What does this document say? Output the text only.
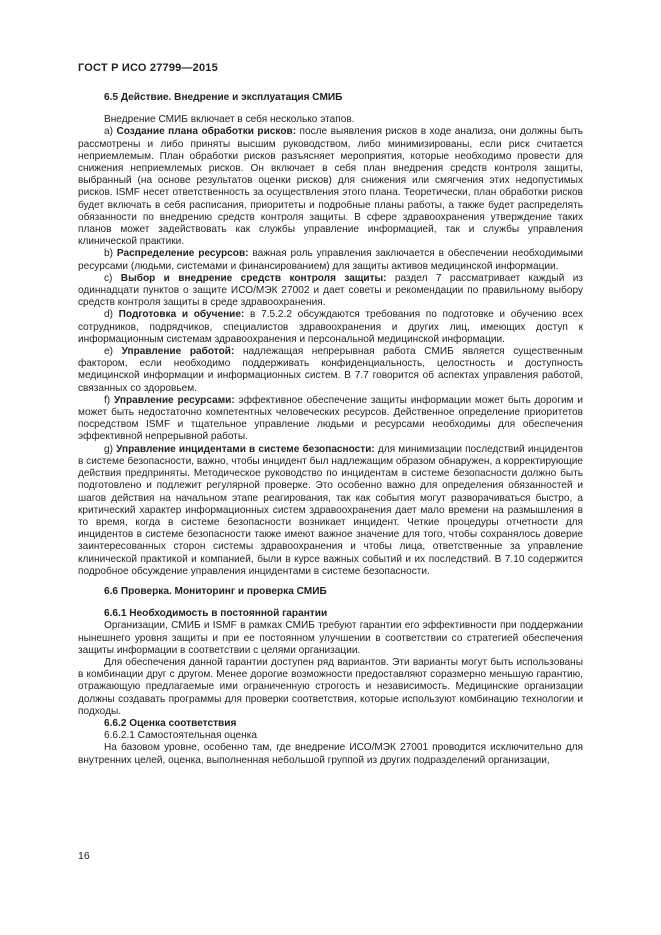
ГОСТ Р ИСО 27799—2015
6.5 Действие. Внедрение и эксплуатация СМИБ

Внедрение СМИБ включает в себя несколько этапов.

a) Создание плана обработки рисков: после выявления рисков в ходе анализа, они должны быть рассмотрены и либо приняты высшим руководством, либо минимизированы, если риск считается неприемлемым. План обработки рисков разъясняет мероприятия, которые необходимо провести для снижения неприемлемых рисков. Он включает в себя план внедрения средств контроля защиты, выбранный (на основе результатов оценки рисков) для снижения или смягчения этих недопустимых рисков. ISMF несет ответственность за осуществления этого плана. Теоретически, план обработки рисков будет включать в себя расписания, приоритеты и подробные планы работы, а также будет распределять обязанности по внедрению средств контроля защиты. В сфере здравоохранения утверждение таких планов может задействовать как службы управление информацией, так и службы управления клинической практики.

b) Распределение ресурсов: важная роль управления заключается в обеспечении необходимыми ресурсами (людьми, системами и финансированием) для защиты активов медицинской информации.

c) Выбор и внедрение средств контроля защиты: раздел 7 рассматривает каждый из одиннадцати пунктов о защите ИСО/МЭК 27002 и дает советы и рекомендации по правильному выбору средств контроля защиты в среде здравоохранения.

d) Подготовка и обучение: в 7.5.2.2 обсуждаются требования по подготовке и обучению всех сотрудников, подрядчиков, специалистов здравоохранения и других лиц, имеющих доступ к информационным системам здравоохранения и персональной медицинской информации.

e) Управление работой: надлежащая непрерывная работа СМИБ является существенным фактором, если необходимо поддерживать конфиденциальность, целостность и доступность медицинской информации и информационных систем. В 7.7 говорится об аспектах управления работой, связанных со здоровьем.

f) Управление ресурсами: эффективное обеспечение защиты информации может быть дорогим и может быть недостаточно компетентных человеческих ресурсов. Действенное определение приоритетов посредством ISMF и тщательное управление людьми и ресурсами необходимы для обеспечения эффективной непрерывной работы.

g) Управление инцидентами в системе безопасности: для минимизации последствий инцидентов в системе безопасности, важно, чтобы инцидент был надлежащим образом обнаружен, а корректирующие действия предприняты. Методическое руководство по инцидентам в системе безопасности должно быть подготовлено и подлежит регулярной проверке. Это особенно важно для определения обязанностей и шагов действия на начальном этапе реагирования, так как события могут разворачиваться быстро, а критический характер информационных систем здравоохранения дает мало времени на размышления в то время, когда в системе безопасности возникает инцидент. Четкие процедуры отчетности для инцидентов в системе безопасности также имеют важное значение для того, чтобы сохранялось доверие заинтересованных сторон системы здравоохранения и чтобы лица, ответственные за управление клинической практикой и компанией, были в курсе важных событий и их последствий. В 7.10 содержится подробное обсуждение управления инцидентами в системе безопасности.

6.6 Проверка. Мониторинг и проверка СМИБ
6.6.1 Необходимость в постоянной гарантии

Организации, СМИБ и ISMF в рамках СМИБ требуют гарантии его эффективности при поддержании нынешнего уровня защиты и при ее постоянном улучшении в соответствии со стратегией обеспечения защиты информации в соответствии с целями организации.

Для обеспечения данной гарантии доступен ряд вариантов. Эти варианты могут быть использованы в комбинации друг с другом. Менее дорогие возможности предоставляют соразмерно меньшую гарантию, отражающую предлагаемые ими ограниченную строгость и независимость. Медицинские организации должны создавать программы для проверки соответствия, которые используют комбинацию технологии и подходы.

6.6.2 Оценка соответствия
6.6.2.1 Самостоятельная оценка

На базовом уровне, особенно там, где внедрение ИСО/МЭК 27001 проводится исключительно для внутренних целей, оценка, выполненная небольшой группой из других подразделений организации,

16
